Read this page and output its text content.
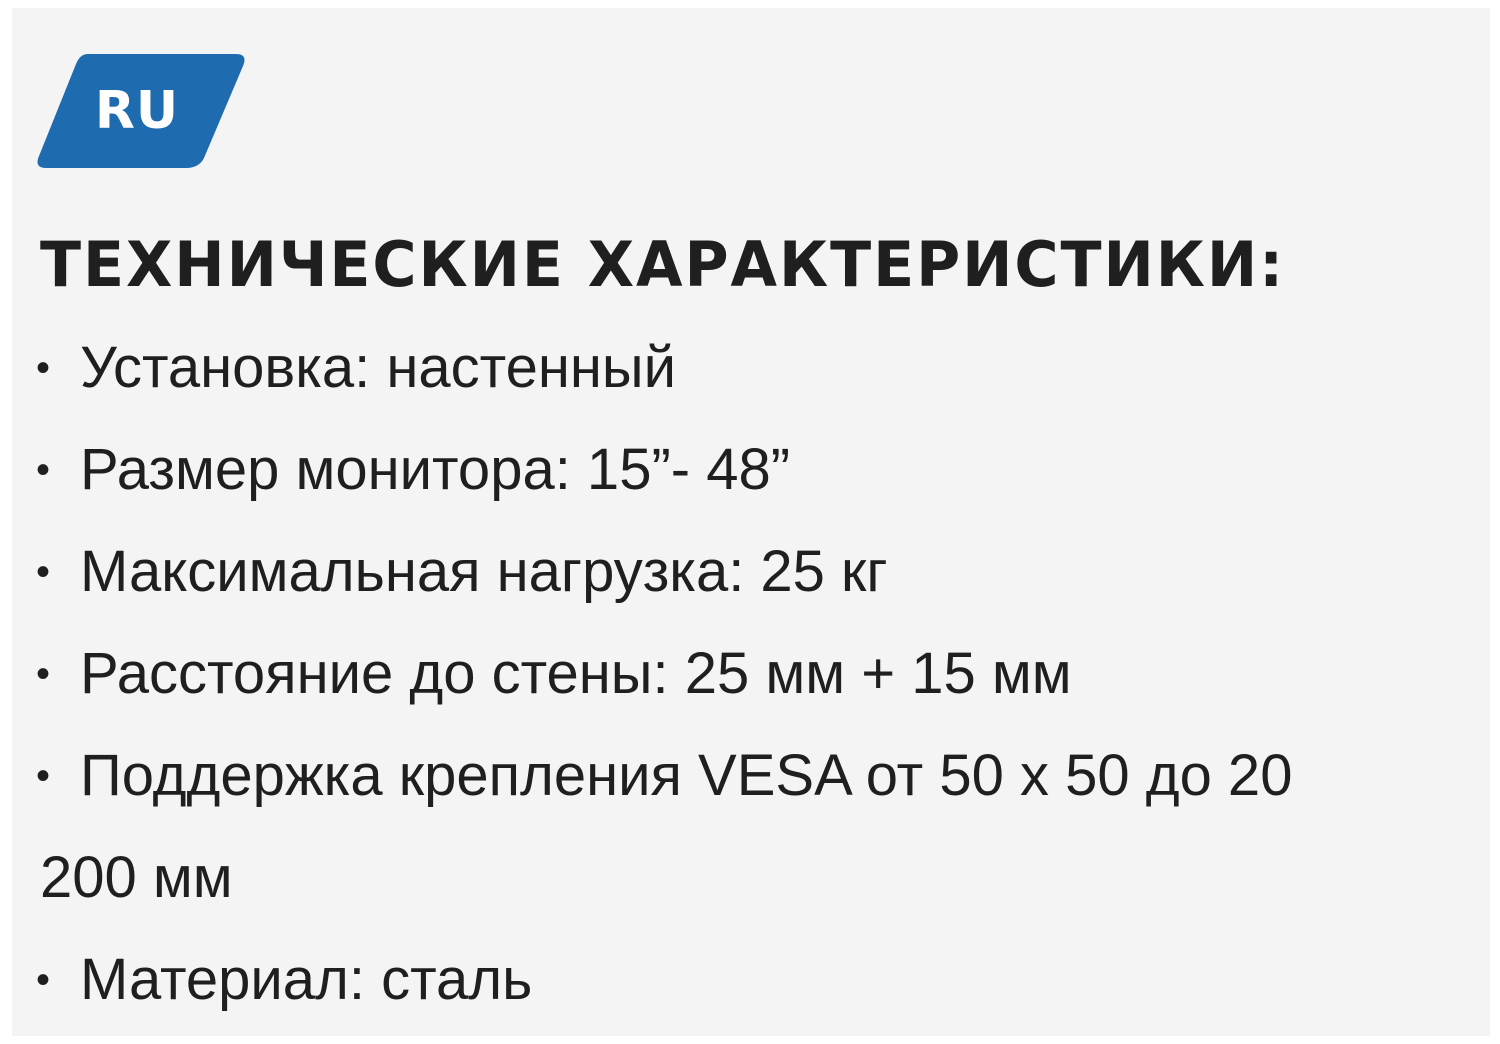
RU
ТЕХНИЧЕСКИЕ ХАРАКТЕРИСТИКИ:
• Установка: настенный
• Размер монитора: 15”- 48”
• Максимальная нагрузка: 25 кг
• Расстояние до стены: 25 мм + 15 мм
• Поддержка крепления VESA от 50 х 50 до 20
200 мм
• Материал: сталь
